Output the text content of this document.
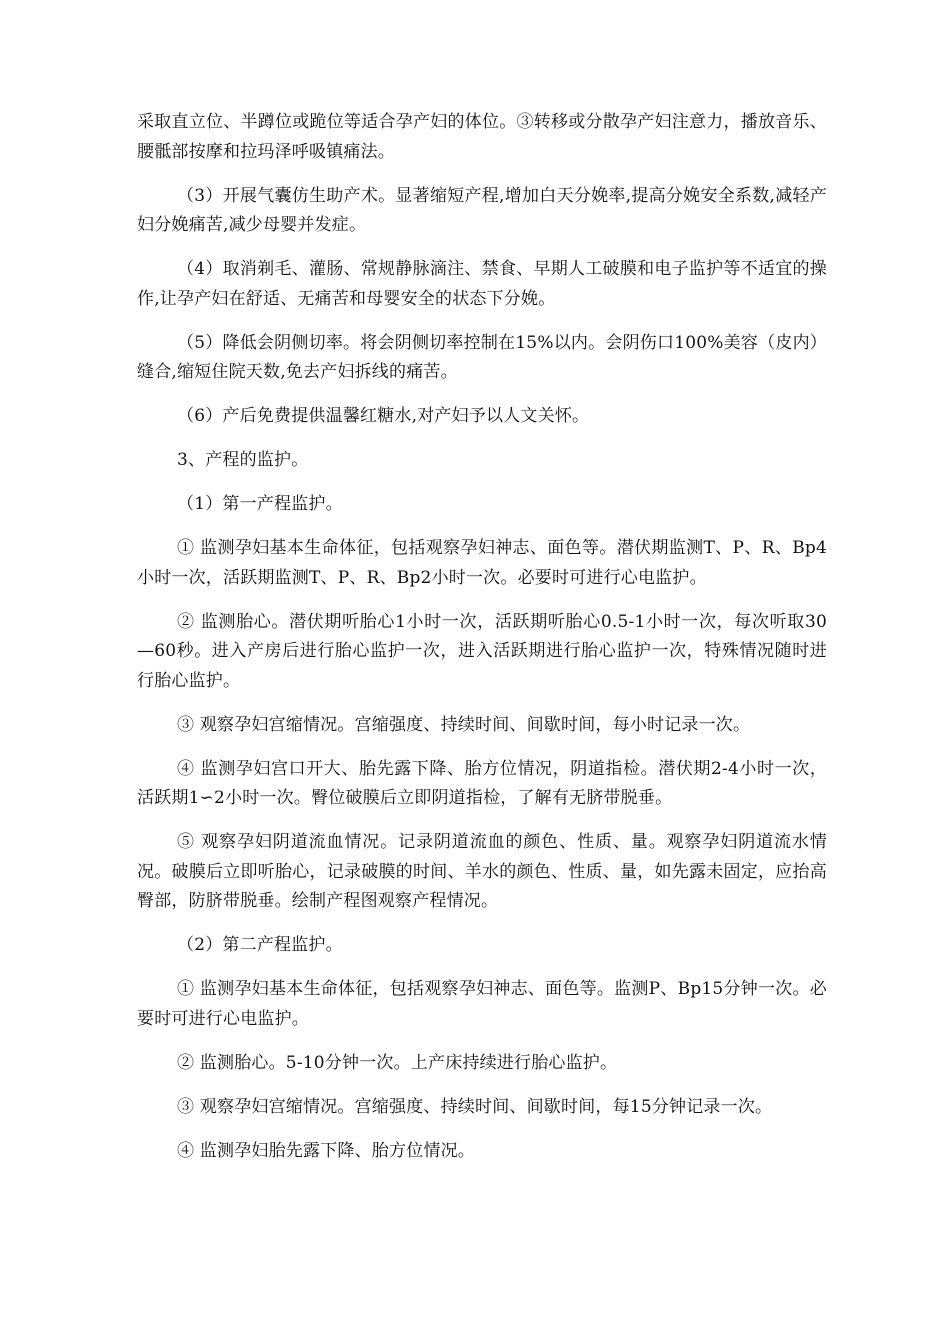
采取直立位、半蹲位或跪位等适合孕产妇的体位。③转移或分散孕产妇注意力，播放音乐、腰骶部按摩和拉玛泽呼吸镇痛法。

（3）开展气囊仿生助产术。显著缩短产程,增加白天分娩率,提高分娩安全系数,减轻产妇分娩痛苦,减少母婴并发症。

（4）取消剃毛、灌肠、常规静脉滴注、禁食、早期人工破膜和电子监护等不适宜的操作,让孕产妇在舒适、无痛苦和母婴安全的状态下分娩。

（5）降低会阴侧切率。将会阴侧切率控制在15%以内。会阴伤口100%美容（皮内）缝合,缩短住院天数,免去产妇拆线的痛苦。

（6）产后免费提供温馨红糖水,对产妇予以人文关怀。

3、产程的监护。

（1）第一产程监护。

① 监测孕妇基本生命体征，包括观察孕妇神志、面色等。潜伏期监测T、P、R、Bp4小时一次，活跃期监测T、P、R、Bp2小时一次。必要时可进行心电监护。

② 监测胎心。潜伏期听胎心1小时一次，活跃期听胎心0.5-1小时一次，每次听取30—60秒。进入产房后进行胎心监护一次，进入活跃期进行胎心监护一次，特殊情况随时进行胎心监护。

③ 观察孕妇宫缩情况。宫缩强度、持续时间、间歇时间，每小时记录一次。

④ 监测孕妇宫口开大、胎先露下降、胎方位情况，阴道指检。潜伏期2-4小时一次，活跃期1∽2小时一次。臀位破膜后立即阴道指检，了解有无脐带脱垂。

⑤ 观察孕妇阴道流血情况。记录阴道流血的颜色、性质、量。观察孕妇阴道流水情况。破膜后立即听胎心，记录破膜的时间、羊水的颜色、性质、量，如先露未固定，应抬高臀部，防脐带脱垂。绘制产程图观察产程情况。

（2）第二产程监护。

① 监测孕妇基本生命体征，包括观察孕妇神志、面色等。监测P、Bp15分钟一次。必要时可进行心电监护。

② 监测胎心。5-10分钟一次。上产床持续进行胎心监护。

③ 观察孕妇宫缩情况。宫缩强度、持续时间、间歇时间，每15分钟记录一次。

④ 监测孕妇胎先露下降、胎方位情况。
